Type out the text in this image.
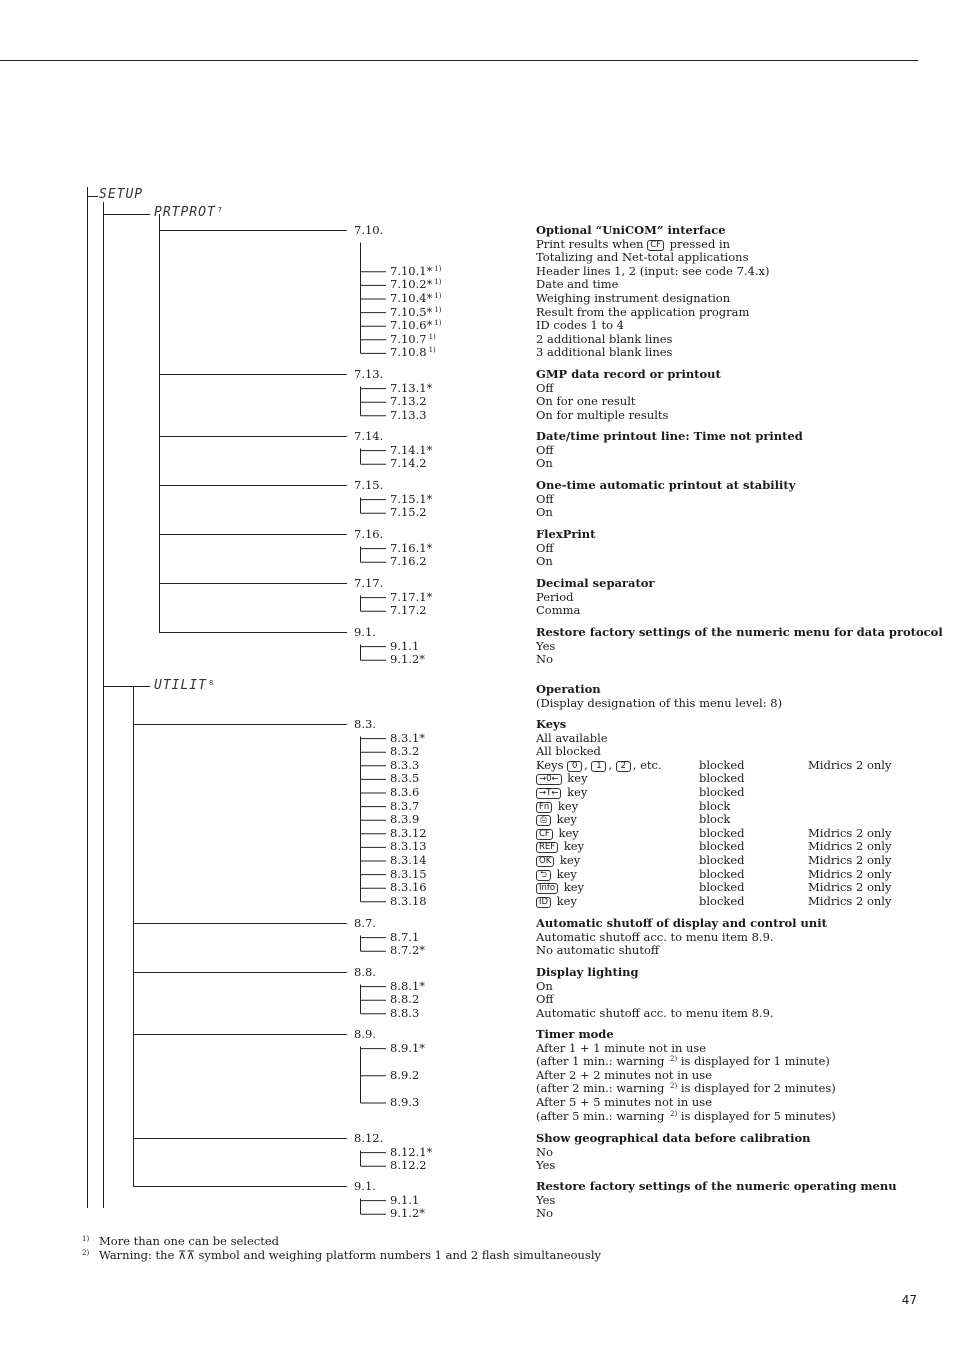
SETUP
PRTPROT $^7$
UTILIT $^8$
7.10.	Optional “UniCOM” interface
Print results when CF pressed in
Totalizing and Net-total applications
7.10.1* $^{1)}$	Header lines 1, 2 (input: see code 7.4.x)
7.10.2* $^{1)}$	Date and time
7.10.4* $^{1)}$	Weighing instrument designation
7.10.5* $^{1)}$	Result from the application program
7.10.6* $^{1)}$	ID codes 1 to 4
7.10.7 $^{1)}$	2 additional blank lines
7.10.8 $^{1)}$	3 additional blank lines
7.13.	GMP data record or printout
7.13.1*	Off
7.13.2	On for one result
7.13.3	On for multiple results
7.14.	Date/time printout line: Time not printed
7.14.1*	Off
7.14.2	On
7.15.	One-time automatic printout at stability
7.15.1*	Off
7.15.2	On
7.16.	FlexPrint
7.16.1*	Off
7.16.2	On
7.17.	Decimal separator
7.17.1*	Period
7.17.2	Comma
9.1.	Restore factory settings of the numeric menu for data protocol
9.1.1	Yes
9.1.2*	No
Operation
(Display designation of this menu level: 8)
8.3.	Keys
8.3.1*	All available
8.3.2	All blocked
8.3.3	Keys 0 , 1 , 2 , etc.	blocked	Midrics 2 only
8.3.5	→0← key	blocked
8.3.6	→T← key	blocked
8.3.7	Fn key	block
8.3.9	⎙ key	block
8.3.12	CF key	blocked	Midrics 2 only
8.3.13	REF key	blocked	Midrics 2 only
8.3.14	OK key	blocked	Midrics 2 only
8.3.15	⮌ key	blocked	Midrics 2 only
8.3.16	Info key	blocked	Midrics 2 only
8.3.18	ID key	blocked	Midrics 2 only
8.7.	Automatic shutoff of display and control unit
8.7.1	Automatic shutoff acc. to menu item 8.9.
8.7.2*	No automatic shutoff
8.8.	Display lighting
8.8.1*	On
8.8.2	Off
8.8.3	Automatic shutoff acc. to menu item 8.9.
8.9.	Timer mode
8.9.1*	After 1 + 1 minute not in use
(after 1 min.: warning $^{2)}$ is displayed for 1 minute)
8.9.2	After 2 + 2 minutes not in use
(after 2 min.: warning $^{2)}$ is displayed for 2 minutes)
8.9.3	After 5 + 5 minutes not in use
(after 5 min.: warning $^{2)}$ is displayed for 5 minutes)
8.12.	Show geographical data before calibration
8.12.1*	No
8.12.2	Yes
9.1.	Restore factory settings of the numeric operating menu
9.1.1	Yes
9.1.2*	No
1) More than one can be selected
2) Warning: the ⊼⊼ symbol and weighing platform numbers 1 and 2 flash simultaneously
47
